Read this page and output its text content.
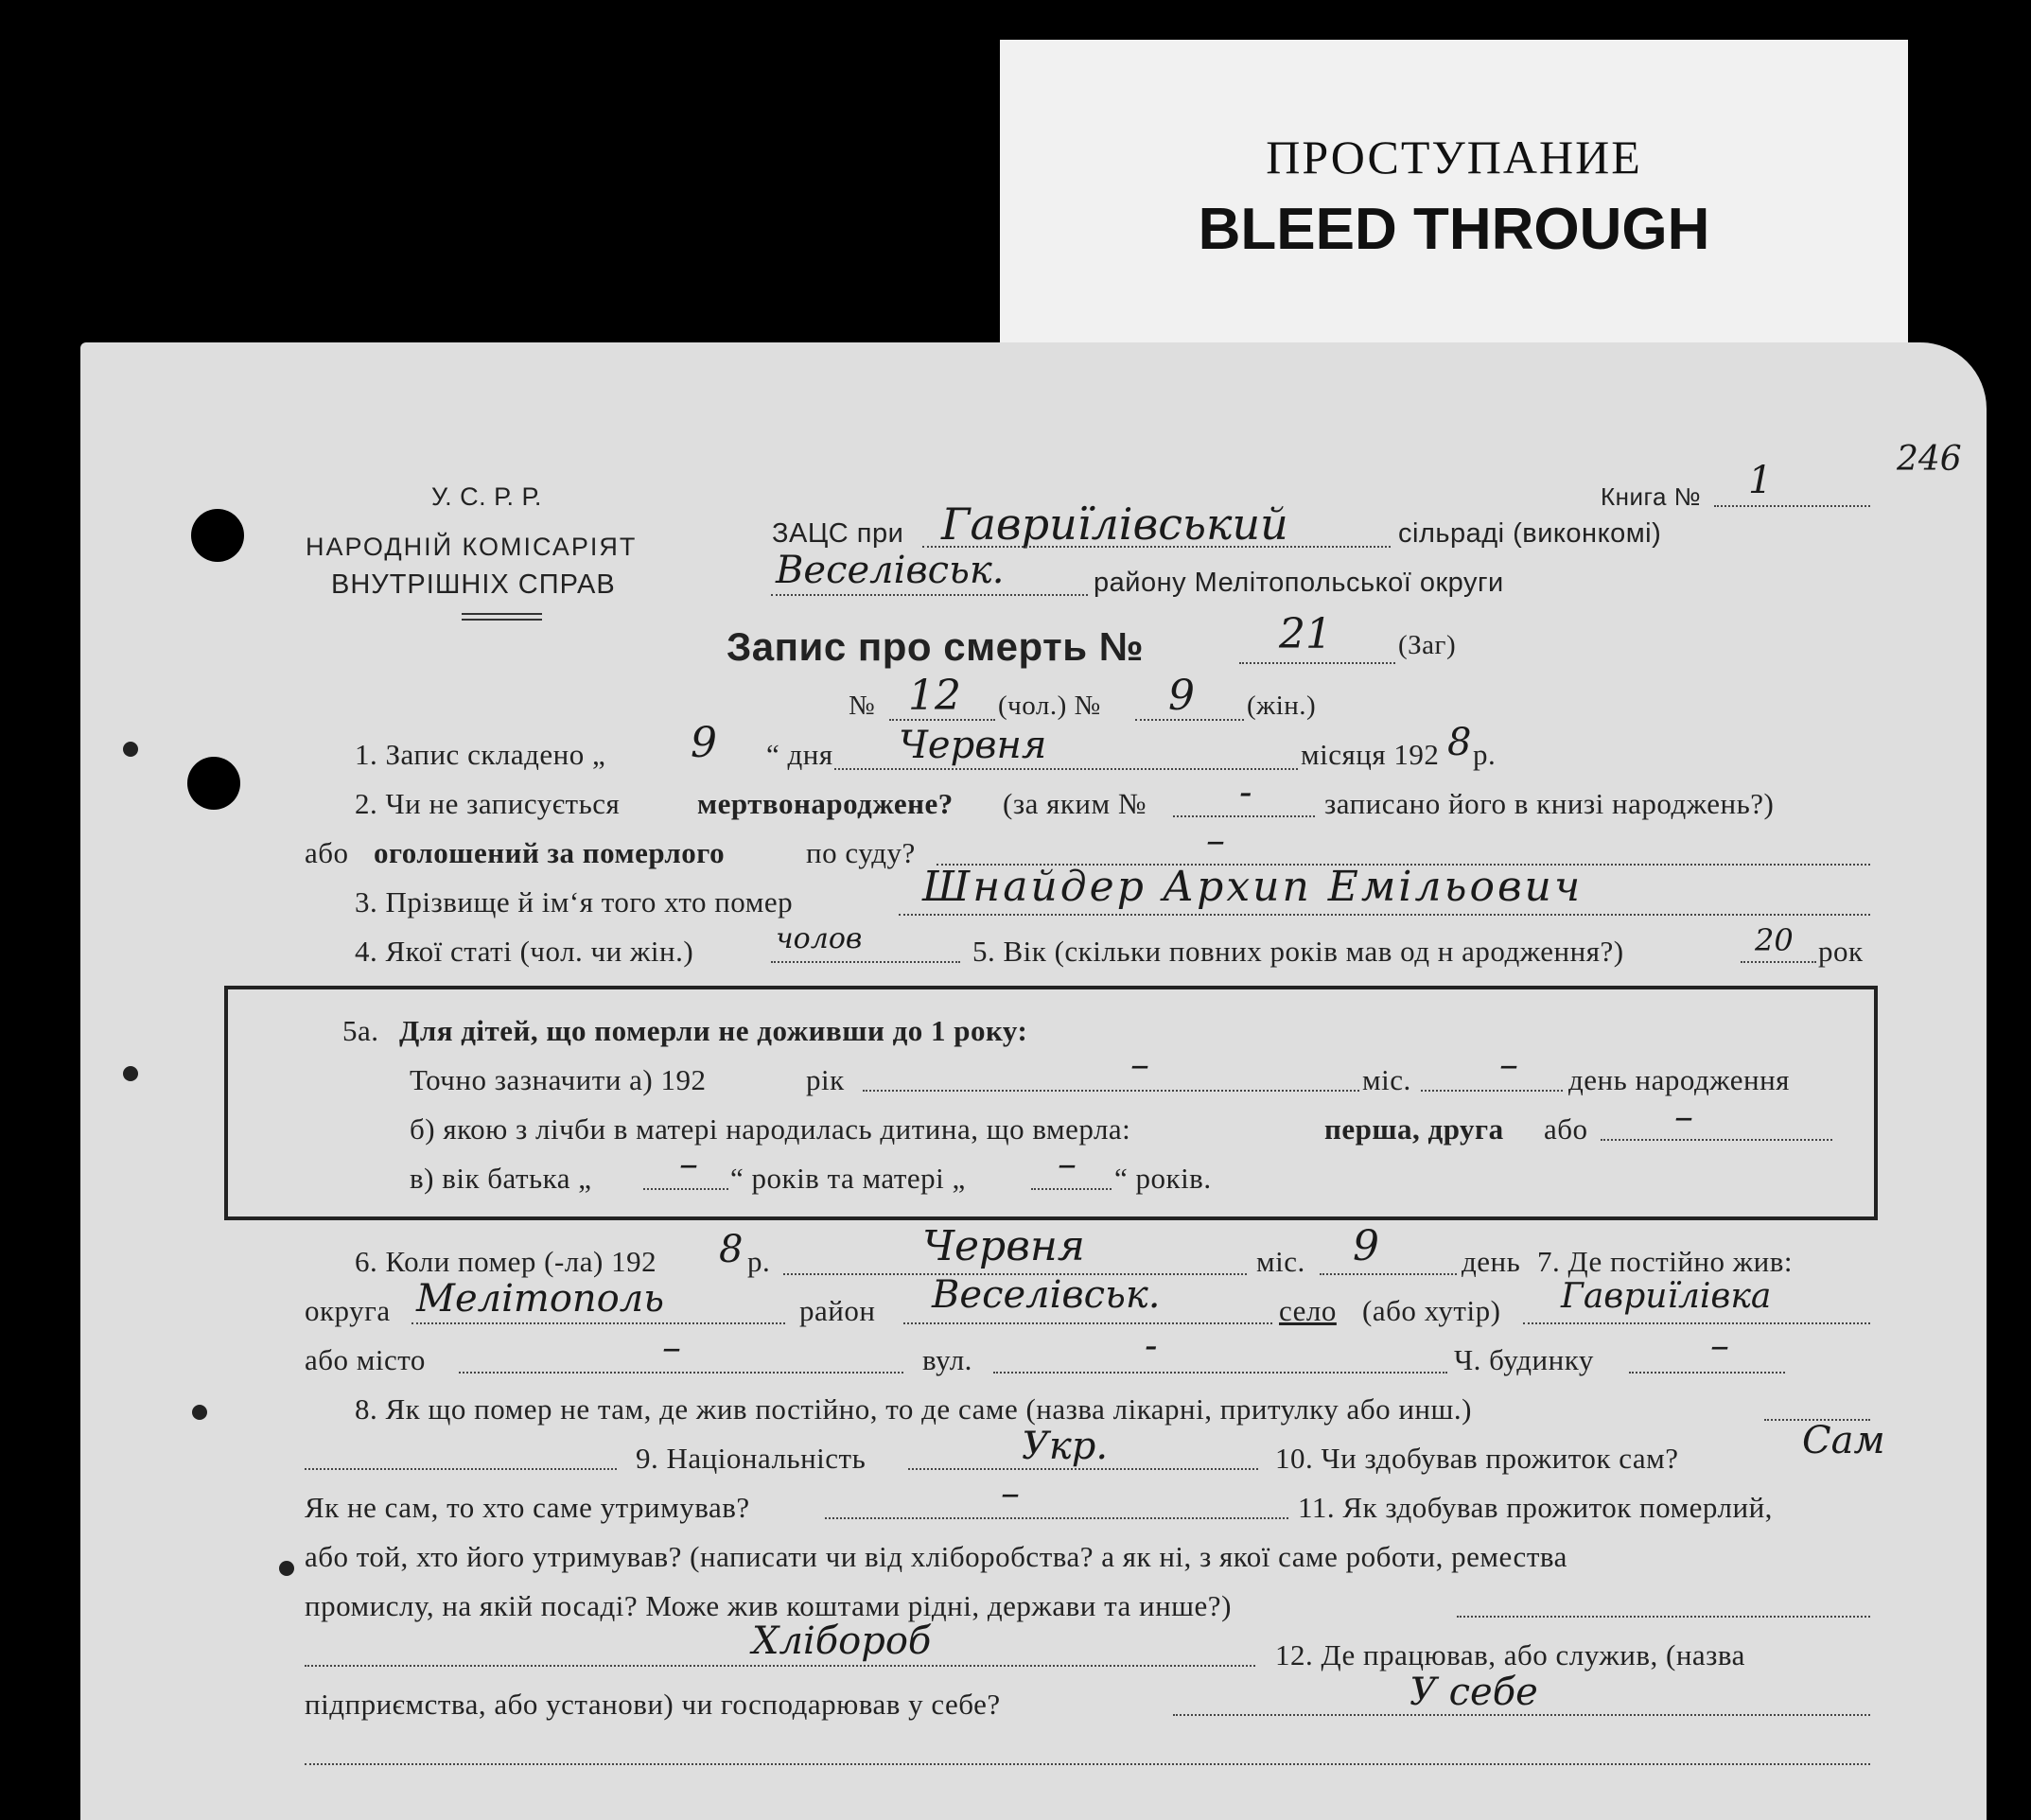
ПРОСТУПАНИЕ
BLEED THROUGH
246
У. С. Р. Р.
НАРОДНІЙ КОМІСАРІЯТ
ВНУТРІШНІХ СПРАВ
Книга № 1
ЗАЦС при Гавриїлівський	сільраді (виконкомі)
Веселівськ.	району Мелітопольської округи
Запис про смерть №	21 (Заг)
№ 12 (чол.) № 9 (жін.)
1. Запис складено „ 9 “ дня Червня	місяця 192 8 р.
2. Чи не записується	мертвонароджене? (за яким № - записано його в книзі народжень?)
або оголошений за померлого	по суду?	–
3. Прізвище й ім‘я того хто помер	Шнайдер Архип Емільович
4. Якої статі (чол. чи жін.)	чолов	5. Вік (скільки повних років мав од н ародження?)	20 рок
5а. Для дітей, що померли не доживши до 1 року:
Точно зазначити а) 192	рік	–	міс. – день народження
б) якою з лічби в матері народилась дитина, що вмерла:	перша, друга або –
в) вік батька „ – “ років та матері „ – “ років.
6. Коли помер (-ла) 192 8 р.	Червня	міс. 9	день 7. Де постійно жив:
округа Мелітополь	район Веселівськ.	село (або хутір) Гавриїлівка
або місто	–	вул.	-	Ч. будинку	–
8. Як що помер не там, де жив постійно, то де саме (назва лікарні, притулку або инш.)
9. Національність	Укр.	10. Чи здобував прожиток сам?	Сам
Як не сам, то хто саме утримував?	–	11. Як здобував прожиток померлий,
або той, хто його утримував? (написати чи від хліборобства? а як ні, з якої саме роботи, ремества
промислу, на якій посаді? Може жив коштами рідні, держави та инше?)
Хлібороб	12. Де працював, або служив, (назва
підприємства, або установи) чи господарював у себе?	У себе
